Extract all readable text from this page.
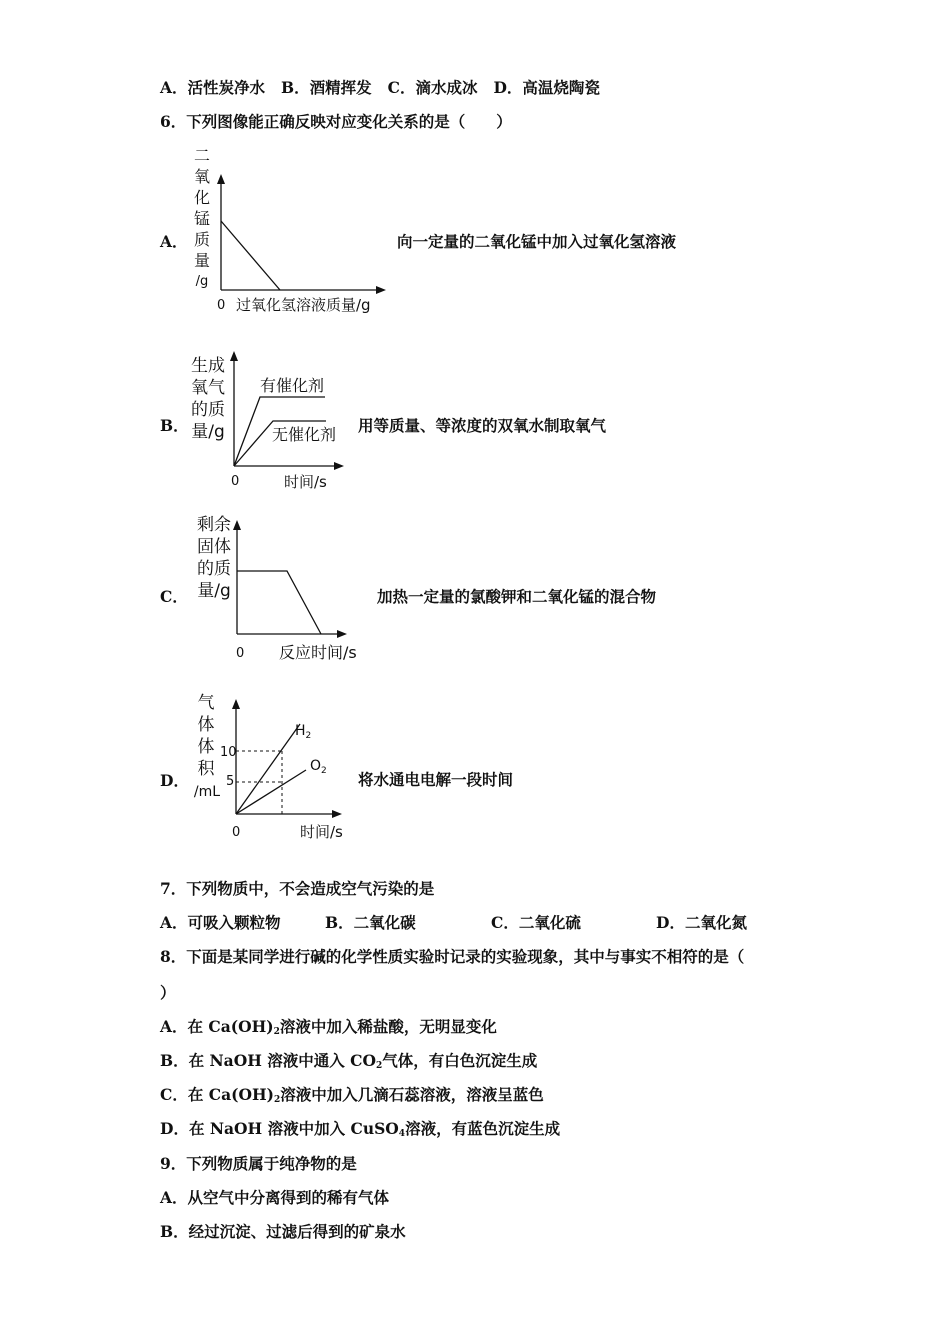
A．活性炭净水 B．酒精挥发 C．滴水成冰 D．高温烧陶瓷
6．下列图像能正确反映对应变化关系的是（　　）
A．
二
氧
化
锰
质
量
/g
0 过氧化氢溶液质量/g
向一定量的二氧化锰中加入过氧化氢溶液
B．
生成
氧气
的质
量/g
0
有催化剂
无催化剂
时间/s
用等质量、等浓度的双氧水制取氧气
C．
剩余
固体
的质
量/g
0 反应时间/s
加热一定量的氯酸钾和二氧化锰的混合物
D．
气
体
体
积
/mL
10
5
$H_2$
$O_2$
0	时间/s
将水通电电解一段时间
7．下列物质中，不会造成空气污染的是
A．可吸入颗粒物	B．二氧化碳	C．二氧化硫	D．二氧化氮
8．下面是某同学进行碱的化学性质实验时记录的实验现象，其中与事实不相符的是（
）
A．在 $Ca(OH)_2$溶液中加入稀盐酸，无明显变化
B．在 NaOH 溶液中通入 $CO_2$气体，有白色沉淀生成
C．在 $Ca(OH)_2$溶液中加入几滴石蕊溶液，溶液呈蓝色
D．在 NaOH 溶液中加入 CuSO$_4$溶液，有蓝色沉淀生成
9．下列物质属于纯净物的是
A．从空气中分离得到的稀有气体
B．经过沉淀、过滤后得到的矿泉水
